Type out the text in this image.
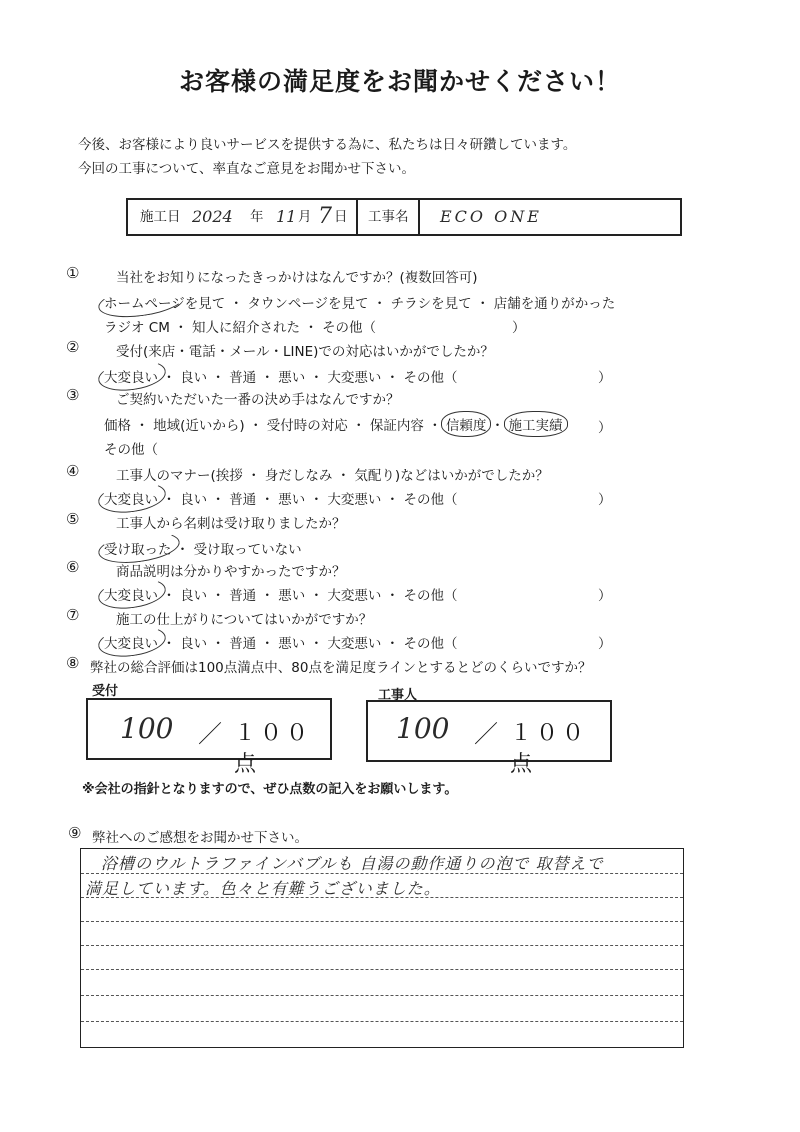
お客様の満足度をお聞かせください！
今後、お客様により良いサービスを提供する為に、私たちは日々研鑽しています。
今回の工事について、率直なご意見をお聞かせ下さい。
施工日 2024 年 11 月 7 日 工事名 ECO ONE
①	当社をお知りになったきっかけはなんですか？(複数回答可)
ホームページを見て ・ タウンページを見て ・ チラシを見て ・ 店舗を通りがかった
ラジオ CM ・ 知人に紹介された ・ その他（	）
②	受付(来店・電話・メール・LINE)での対応はいかがでしたか？
大変良い ・ 良い ・ 普通 ・ 悪い ・ 大変悪い ・ その他（	）
③	ご契約いただいた一番の決め手はなんですか？
価格 ・ 地域(近いから) ・ 受付時の対応 ・ 保証内容 ・ 信頼度 ・ 施工実績
その他（
）
④	工事人のマナー(挨拶 ・ 身だしなみ ・ 気配り)などはいかがでしたか？
大変良い ・ 良い ・ 普通 ・ 悪い ・ 大変悪い ・ その他（	）
⑤	工事人から名刺は受け取りましたか？
受け取った ・ 受け取っていない
⑥	商品説明は分かりやすかったですか？
大変良い ・ 良い ・ 普通 ・ 悪い ・ 大変悪い ・ その他（	）
⑦	施工の仕上がりについてはいかがですか？
大変良い ・ 良い ・ 普通 ・ 悪い ・ 大変悪い ・ その他（	）
⑧ 弊社の総合評価は100点満点中、80点を満足度ラインとするとどのくらいですか？
受付
100 ／ １００点
工事人
100 ／ １００点
※会社の指針となりますので、ぜひ点数の記入をお願いします。
⑨ 弊社へのご感想をお聞かせ下さい。
浴槽のウルトラファインバブルも 自湯の動作通りの泡で 取替えで
満足しています。色々と有難うございました。
